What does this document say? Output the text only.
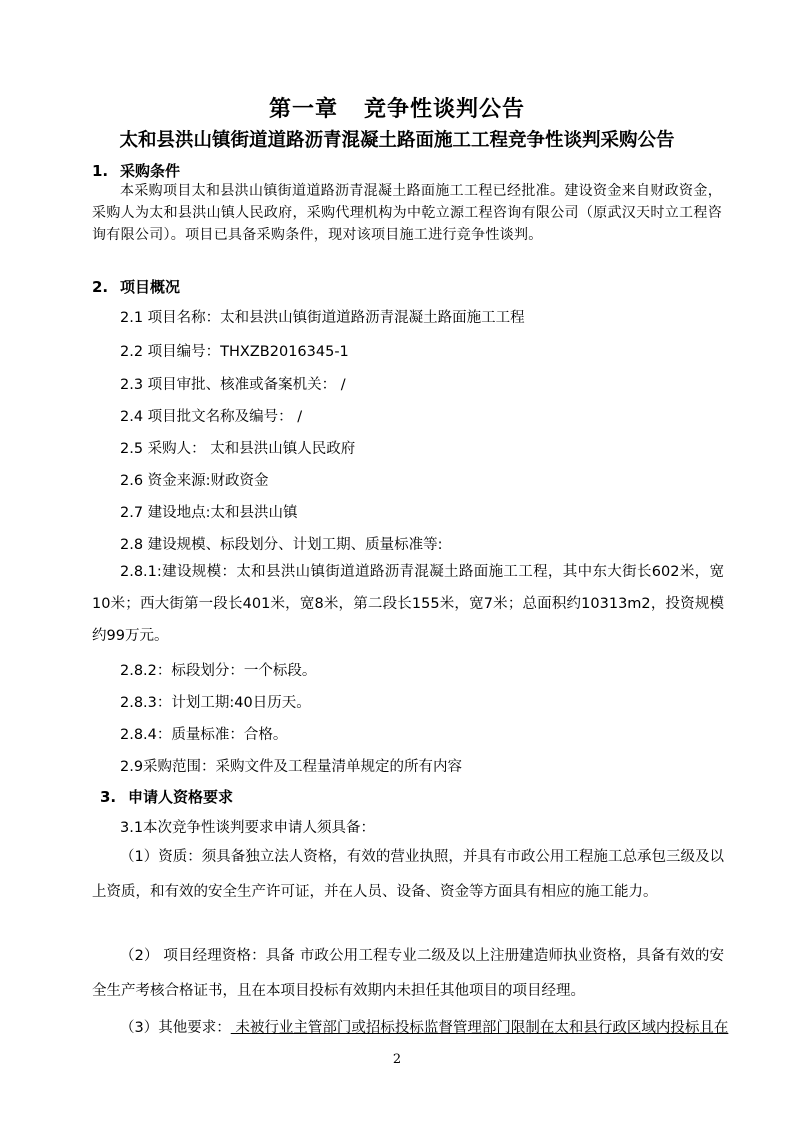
第一章 竞争性谈判公告
太和县洪山镇街道道路沥青混凝土路面施工工程竞争性谈判采购公告
1. 采购条件
本采购项目太和县洪山镇街道道路沥青混凝土路面施工工程已经批准。建设资金来自财政资金，采购人为太和县洪山镇人民政府，采购代理机构为中乾立源工程咨询有限公司（原武汉天时立工程咨询有限公司）。项目已具备采购条件，现对该项目施工进行竞争性谈判。
2. 项目概况
2.1 项目名称：太和县洪山镇街道道路沥青混凝土路面施工工程
2.2 项目编号：THXZB2016345-1
2.3 项目审批、核准或备案机关： /
2.4 项目批文名称及编号： /
2.5 采购人： 太和县洪山镇人民政府
2.6 资金来源:财政资金
2.7 建设地点:太和县洪山镇
2.8 建设规模、标段划分、计划工期、质量标准等:
2.8.1:建设规模：太和县洪山镇街道道路沥青混凝土路面施工工程，其中东大街长602米，宽10米；西大街第一段长401米，宽8米，第二段长155米，宽7米；总面积约10313m2，投资规模约99万元。
2.8.2：标段划分：一个标段。
2.8.3：计划工期:40日历天。
2.8.4：质量标准：合格。
2.9采购范围：采购文件及工程量清单规定的所有内容
3. 申请人资格要求
3.1本次竞争性谈判要求申请人须具备：
（1）资质：须具备独立法人资格，有效的营业执照，并具有市政公用工程施工总承包三级及以上资质，和有效的安全生产许可证，并在人员、设备、资金等方面具有相应的施工能力。
（2） 项目经理资格：具备 市政公用工程专业二级及以上注册建造师执业资格，具备有效的安全生产考核合格证书，且在本项目投标有效期内未担任其他项目的项目经理。
（3）其他要求： 未被行业主管部门或招标投标监督管理部门限制在太和县行政区域内投标且在
2
